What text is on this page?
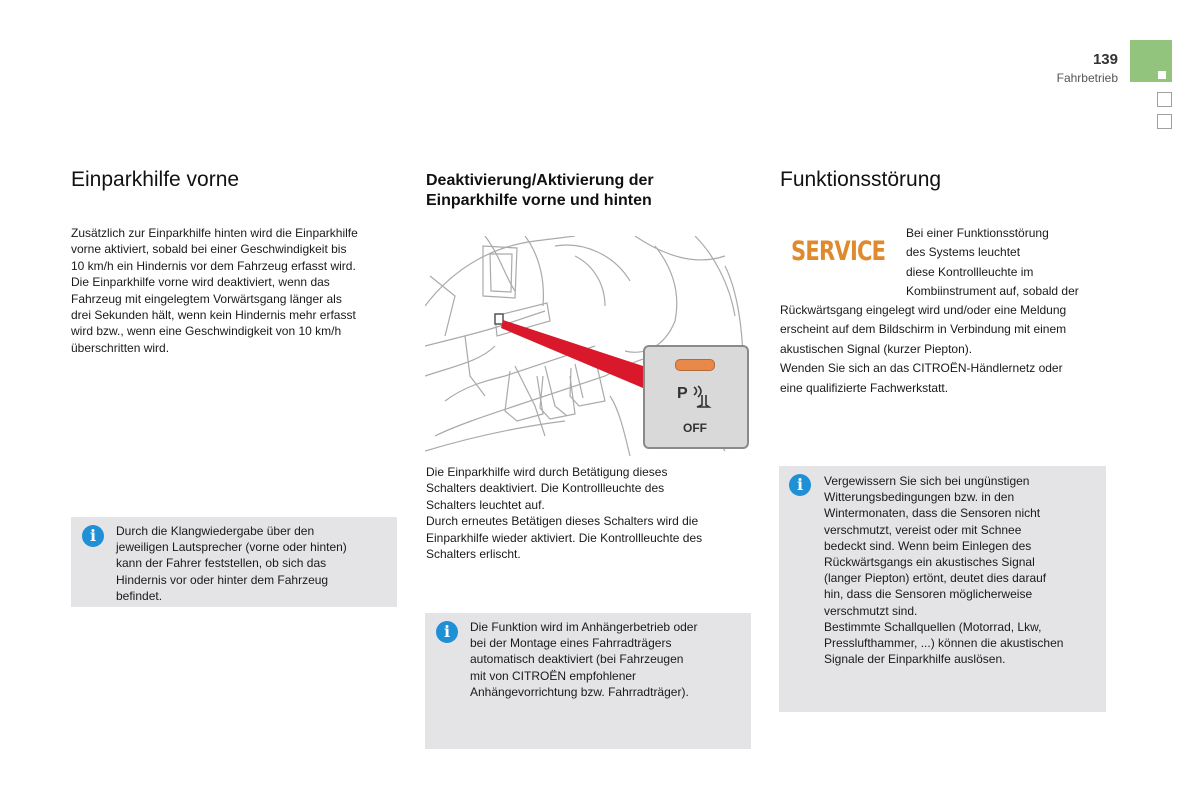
139
Fahrbetrieb
Einparkhilfe vorne
Zusätzlich zur Einparkhilfe hinten wird die Einparkhilfe
vorne aktiviert, sobald bei einer Geschwindigkeit bis
10 km/h ein Hindernis vor dem Fahrzeug erfasst wird.
Die Einparkhilfe vorne wird deaktiviert, wenn das
Fahrzeug mit eingelegtem Vorwärtsgang länger als
drei Sekunden hält, wenn kein Hindernis mehr erfasst
wird bzw., wenn eine Geschwindigkeit von 10 km/h
überschritten wird.
i	Durch die Klangwiedergabe über den
jeweiligen Lautsprecher (vorne oder hinten)
kann der Fahrer feststellen, ob sich das
Hindernis vor oder hinter dem Fahrzeug
befindet.
Deaktivierung/Aktivierung der
Einparkhilfe vorne und hinten
P
OFF
Die Einparkhilfe wird durch Betätigung dieses
Schalters deaktiviert. Die Kontrollleuchte des
Schalters leuchtet auf.
Durch erneutes Betätigen dieses Schalters wird die
Einparkhilfe wieder aktiviert. Die Kontrollleuchte des
Schalters erlischt.
i	Die Funktion wird im Anhängerbetrieb oder
bei der Montage eines Fahrradträgers
automatisch deaktiviert (bei Fahrzeugen
mit von CITROËN empfohlener
Anhängevorrichtung bzw. Fahrradträger).
Funktionsstörung
SERVICE
Bei einer Funktionsstörung
des Systems leuchtet
diese Kontrollleuchte im
Kombiinstrument auf, sobald der
Rückwärtsgang eingelegt wird und/oder eine Meldung
erscheint auf dem Bildschirm in Verbindung mit einem
akustischen Signal (kurzer Piepton).
Wenden Sie sich an das CITROËN-Händlernetz oder
eine qualifizierte Fachwerkstatt.
i	Vergewissern Sie sich bei ungünstigen
Witterungsbedingungen bzw. in den
Wintermonaten, dass die Sensoren nicht
verschmutzt, vereist oder mit Schnee
bedeckt sind. Wenn beim Einlegen des
Rückwärtsgangs ein akustisches Signal
(langer Piepton) ertönt, deutet dies darauf
hin, dass die Sensoren möglicherweise
verschmutzt sind.
Bestimmte Schallquellen (Motorrad, Lkw,
Presslufthammer, ...) können die akustischen
Signale der Einparkhilfe auslösen.
